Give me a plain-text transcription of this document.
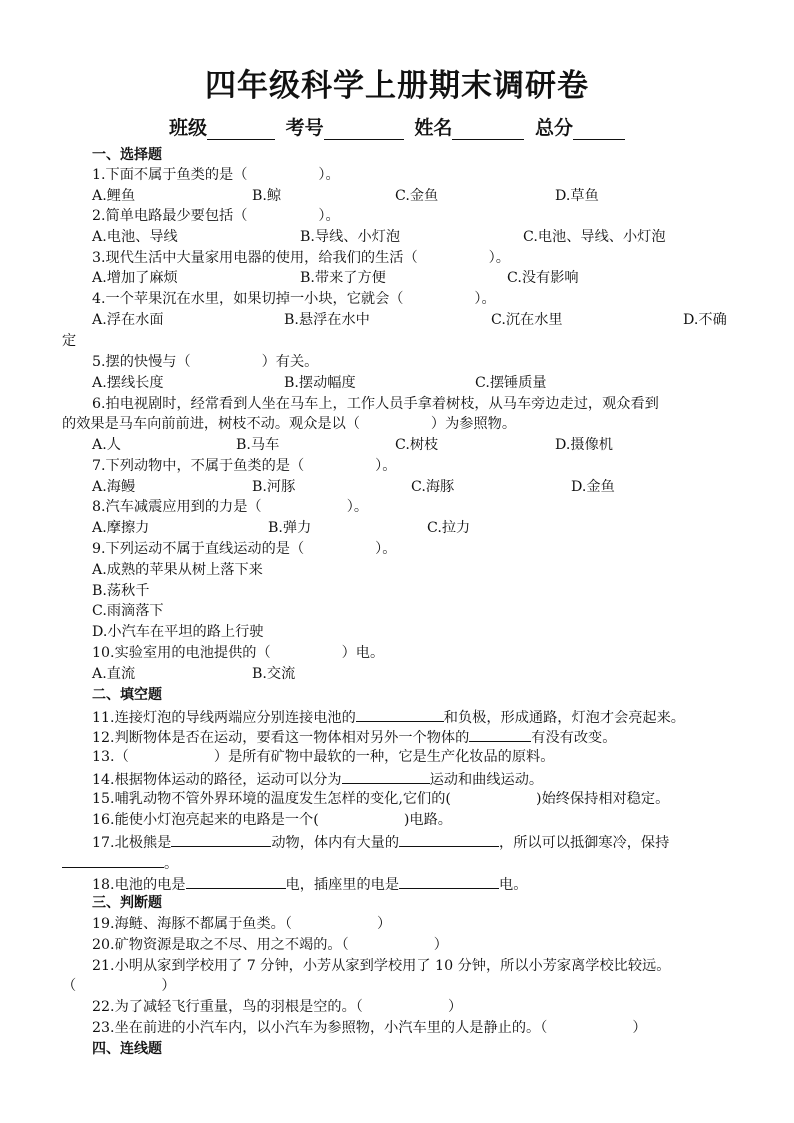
四年级科学上册期末调研卷
班级	考号	姓名	总分
一、选择题
1.下面不属于鱼类的是（　　　　　）。
A.鲤鱼	B.鲸	C.金鱼	D.草鱼
2.简单电路最少要包括（　　　　　）。
A.电池、导线	B.导线、小灯泡	C.电池、导线、小灯泡
3.现代生活中大量家用电器的使用，给我们的生活（　　　　　）。
A.增加了麻烦	B.带来了方便	C.没有影响
4.一个苹果沉在水里，如果切掉一小块，它就会（　　　　　）。
A.浮在水面	B.悬浮在水中	C.沉在水里	D.不确
定
5.摆的快慢与（　　　　　）有关。
A.摆线长度	B.摆动幅度	C.摆锤质量
6.拍电视剧时，经常看到人坐在马车上，工作人员手拿着树枝，从马车旁边走过，观众看到
的效果是马车向前前进，树枝不动。观众是以（　　　　　）为参照物。
A.人	B.马车	C.树枝	D.摄像机
7.下列动物中，不属于鱼类的是（　　　　　）。
A.海鳗	B.河豚	C.海豚	D.金鱼
8.汽车减震应用到的力是（　　　　　　）。
A.摩擦力	B.弹力	C.拉力
9.下列运动不属于直线运动的是（　　　　　）。
A.成熟的苹果从树上落下来
B.荡秋千
C.雨滴落下
D.小汽车在平坦的路上行驶
10.实验室用的电池提供的（　　　　　）电。
A.直流	B.交流
二、填空题
11.连接灯泡的导线两端应分别连接电池的	和负极，形成通路，灯泡才会亮起来。
12.判断物体是否在运动，要看这一物体相对另外一个物体的	有没有改变。
13.（　　　　　　）是所有矿物中最软的一种，它是生产化妆品的原料。
14.根据物体运动的路径，运动可以分为	运动和曲线运动。
15.哺乳动物不管外界环境的温度发生怎样的变化,它们的(　　　　　　)始终保持相对稳定。
16.能使小灯泡亮起来的电路是一个(　　　　　　)电路。
17.北极熊是	动物，体内有大量的	，所以可以抵御寒冷，保持
。
18.电池的电是	电，插座里的电是	电。
三、判断题
19.海鲢、海豚不都属于鱼类。（　　　　　　）
20.矿物资源是取之不尽、用之不竭的。（　　　　　　）
21.小明从家到学校用了 7 分钟，小芳从家到学校用了 10 分钟，所以小芳家离学校比较远。
（　　　　　　）
22.为了减轻飞行重量，鸟的羽根是空的。（　　　　　　）
23.坐在前进的小汽车内，以小汽车为参照物，小汽车里的人是静止的。（　　　　　　）
四、连线题
